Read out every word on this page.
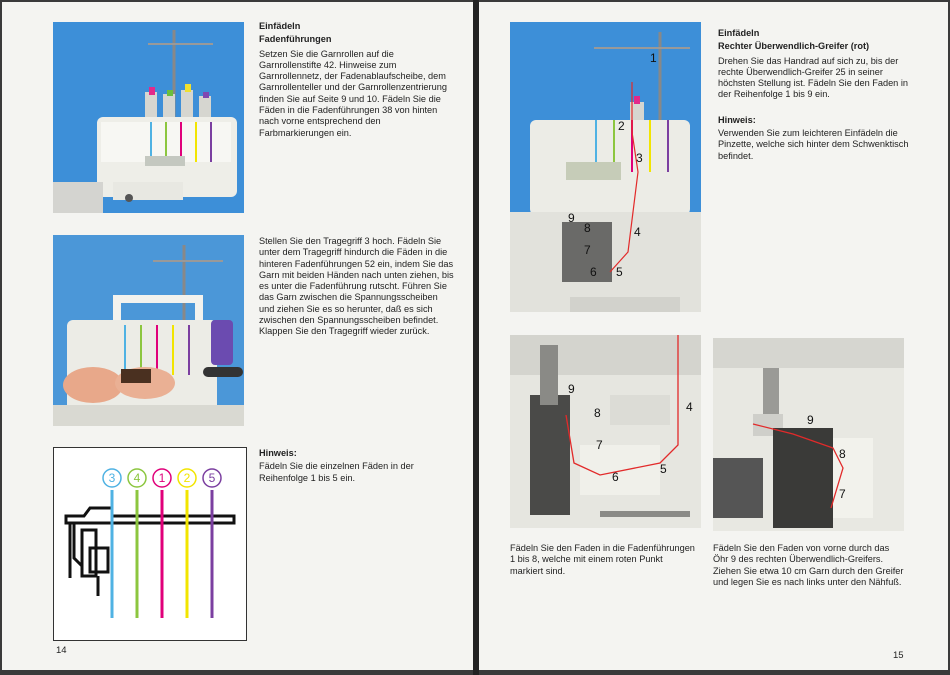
Einfädeln
Fadenführungen

Setzen Sie die Garnrollen auf die Garnrollenstifte 42. Hinweise zum Garnrollennetz, der Fadenablaufscheibe, dem Garnrollenteller und der Garnrollenzentrierung finden Sie auf Seite 9 und 10. Fädeln Sie die Fäden in die Fadenführungen 38 von hinten nach vorne entsprechend den Farbmarkierungen ein.

Stellen Sie den Tragegriff 3 hoch. Fädeln Sie unter dem Tragegriff hindurch die Fäden in die hinteren Fadenführungen 52 ein, indem Sie das Garn mit beiden Händen nach unten ziehen, bis es unter die Fadenführung rutscht. Führen Sie das Garn zwischen die Spannungsscheiben und ziehen Sie es so herunter, daß es sich zwischen den Spannungsscheiben befindet. Klappen Sie den Tragegriff wieder zurück.

3 4 1 2 5
Hinweis:

Fädeln Sie die einzelnen Fäden in der Reihenfolge 1 bis 5 ein.

14
1
2
3
4
5
6
7
8
9
Einfädeln
Rechter Überwendlich-Greifer (rot)

Drehen Sie das Handrad auf sich zu, bis der rechte Überwendlich-Greifer 25 in seiner höchsten Stellung ist. Fädeln Sie den Faden in der Reihenfolge 1 bis 9 ein.

Hinweis:

Verwenden Sie zum leichteren Einfädeln die Pinzette, welche sich hinter dem Schwenktisch befindet.

9
8
7
6
5
4
9
8
7

Fädeln Sie den Faden in die Fadenführungen 1 bis 8, welche mit einem roten Punkt markiert sind.

Fädeln Sie den Faden von vorne durch das Öhr 9 des rechten Überwendlich-Greifers. Ziehen Sie etwa 10 cm Garn durch den Greifer und legen Sie es nach links unter den Nähfuß.

15
